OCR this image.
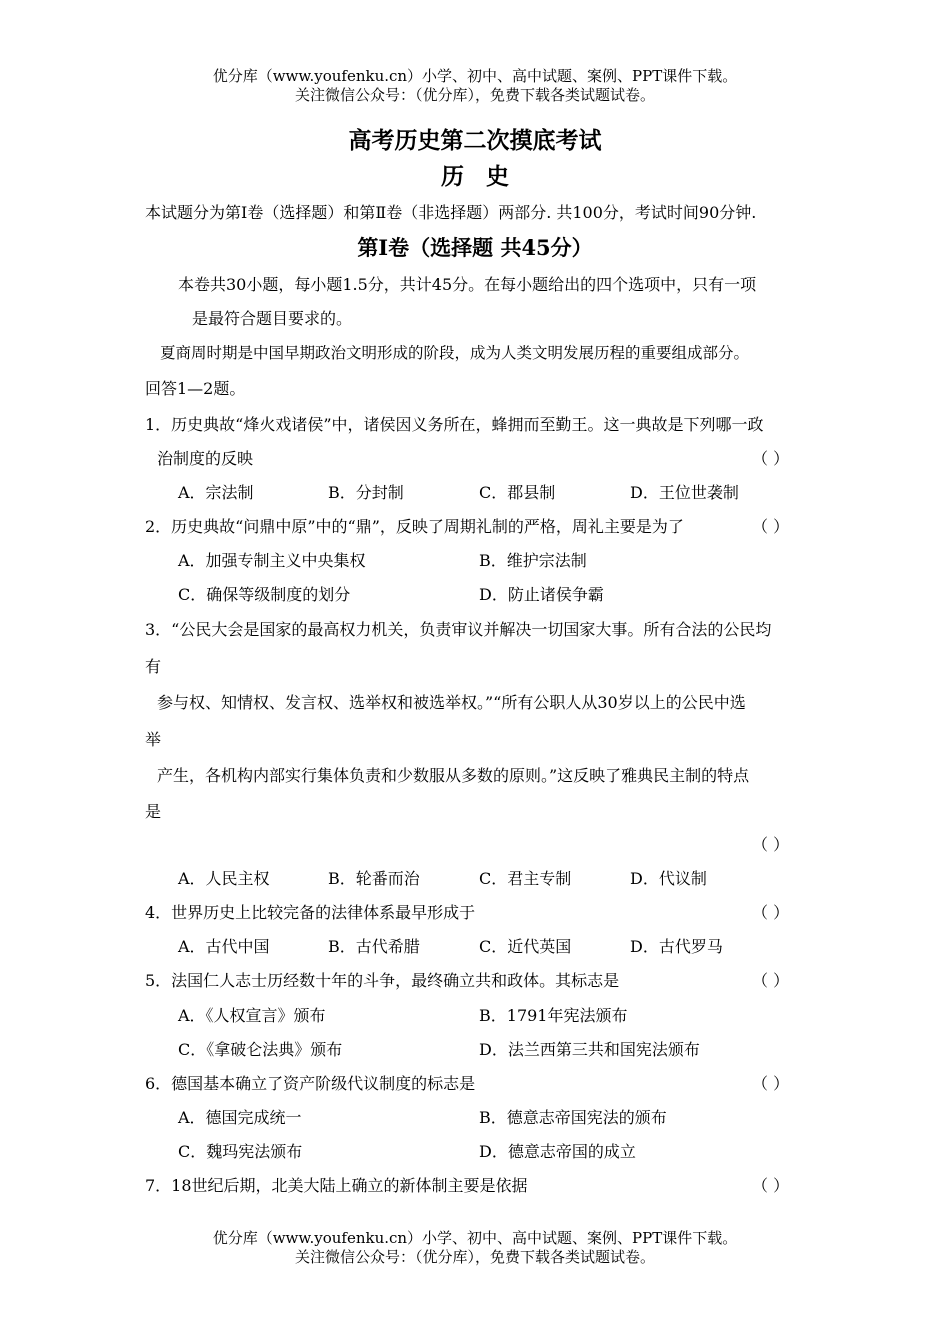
优分库（www.youfenku.cn）小学、初中、高中试题、案例、PPT课件下载。
关注微信公众号：（优分库），免费下载各类试题试卷。
高考历史第二次摸底考试
历史
本试题分为第Ⅰ卷（选择题）和第Ⅱ卷（非选择题）两部分. 共100分，考试时间90分钟.
第Ⅰ卷（选择题 共45分）
本卷共30小题，每小题1.5分，共计45分。在每小题给出的四个选项中，只有一项
是最符合题目要求的。
夏商周时期是中国早期政治文明形成的阶段，成为人类文明发展历程的重要组成部分。
回答1—2题。
1．历史典故“烽火戏诸侯”中，诸侯因义务所在，蜂拥而至勤王。这一典故是下列哪一政
治制度的反映	（ ）
A．宗法制	B．分封制	C．郡县制	D．王位世袭制
2．历史典故“问鼎中原”中的“鼎”，反映了周期礼制的严格，周礼主要是为了	（ ）
A．加强专制主义中央集权	B．维护宗法制
C．确保等级制度的划分	D．防止诸侯争霸
3．“公民大会是国家的最高权力机关，负责审议并解决一切国家大事。所有合法的公民均
有
参与权、知情权、发言权、选举权和被选举权。”“所有公职人从30岁以上的公民中选
举
产生，各机构内部实行集体负责和少数服从多数的原则。”这反映了雅典民主制的特点
是
（ ）
A．人民主权	B．轮番而治	C．君主专制	D．代议制
4．世界历史上比较完备的法律体系最早形成于	（ ）
A．古代中国	B．古代希腊	C．近代英国	D．古代罗马
5．法国仁人志士历经数十年的斗争，最终确立共和政体。其标志是	（ ）
A．《人权宣言》颁布	B．1791年宪法颁布
C．《拿破仑法典》颁布	D．法兰西第三共和国宪法颁布
6．德国基本确立了资产阶级代议制度的标志是	（ ）
A．德国完成统一	B．德意志帝国宪法的颁布
C．魏玛宪法颁布	D．德意志帝国的成立
7．18世纪后期，北美大陆上确立的新体制主要是依据	（ ）
优分库（www.youfenku.cn）小学、初中、高中试题、案例、PPT课件下载。
关注微信公众号：（优分库），免费下载各类试题试卷。
